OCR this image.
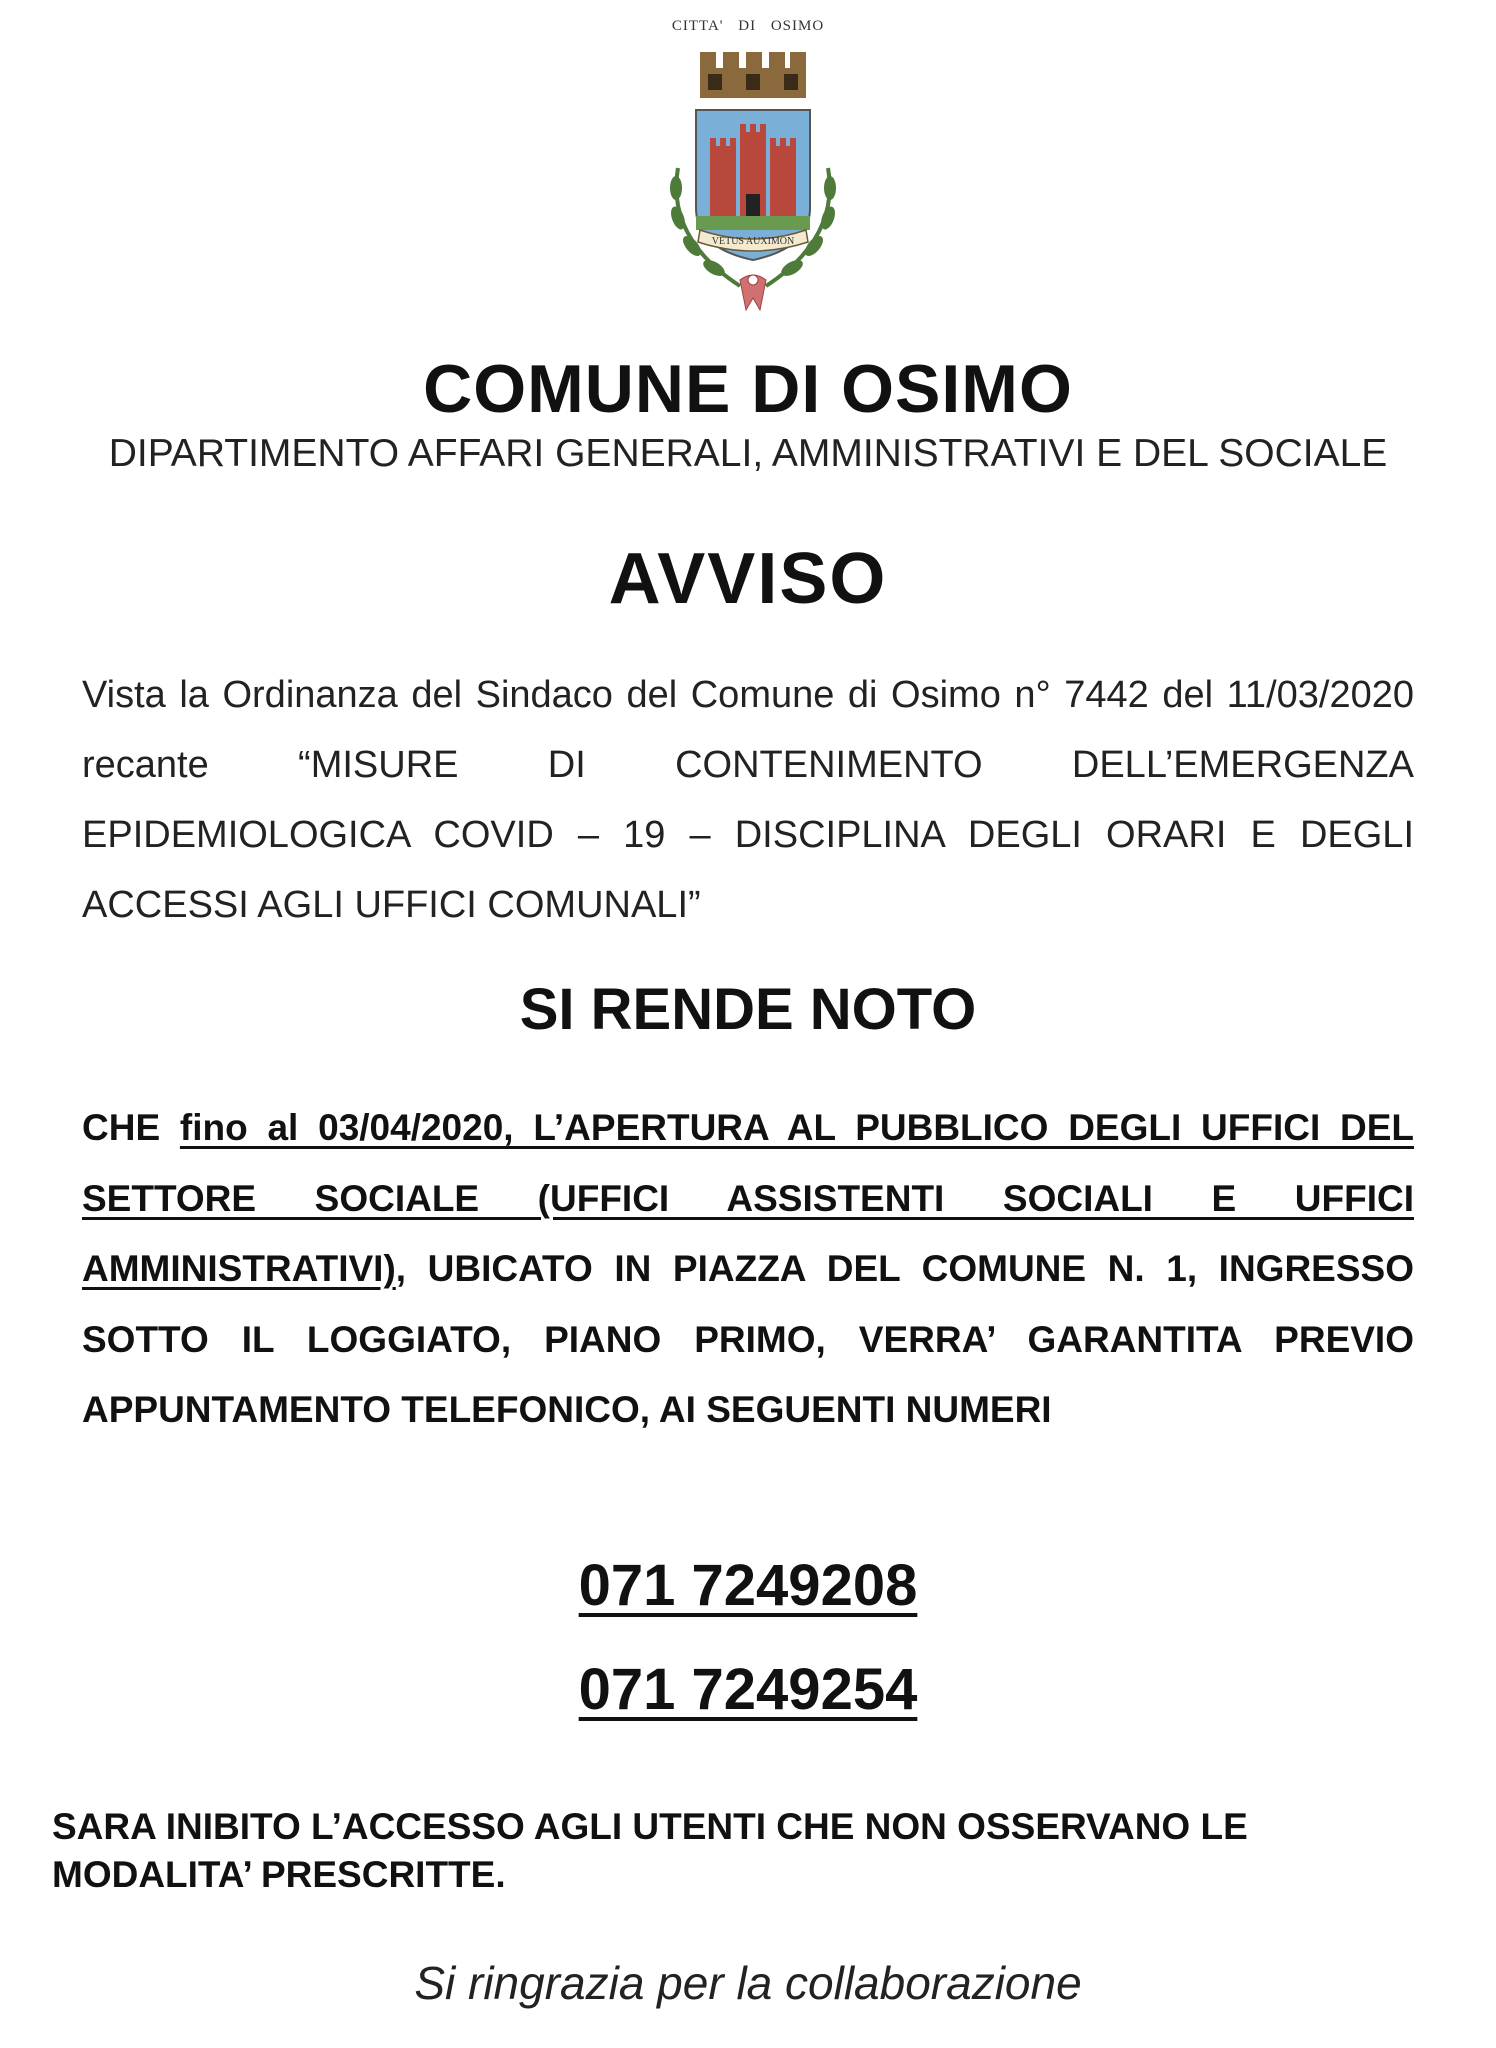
CITTA' DI OSIMO
VETUS AUXIMON
COMUNE DI OSIMO
DIPARTIMENTO AFFARI GENERALI, AMMINISTRATIVI E DEL SOCIALE
AVVISO
Vista la Ordinanza del Sindaco del Comune di Osimo n° 7442 del 11/03/2020 recante “MISURE DI CONTENIMENTO DELL’EMERGENZA EPIDEMIOLOGICA COVID – 19 – DISCIPLINA DEGLI ORARI E DEGLI ACCESSI AGLI UFFICI COMUNALI”
SI RENDE NOTO
CHE fino al 03/04/2020, L’APERTURA AL PUBBLICO DEGLI UFFICI DEL SETTORE SOCIALE (UFFICI ASSISTENTI SOCIALI E UFFICI AMMINISTRATIVI), UBICATO IN PIAZZA DEL COMUNE N. 1, INGRESSO SOTTO IL LOGGIATO, PIANO PRIMO, VERRA’ GARANTITA PREVIO APPUNTAMENTO TELEFONICO, AI SEGUENTI NUMERI
071 7249208
071 7249254
SARA INIBITO L’ACCESSO AGLI UTENTI CHE NON OSSERVANO LE MODALITA’ PRESCRITTE.
Si ringrazia per la collaborazione
